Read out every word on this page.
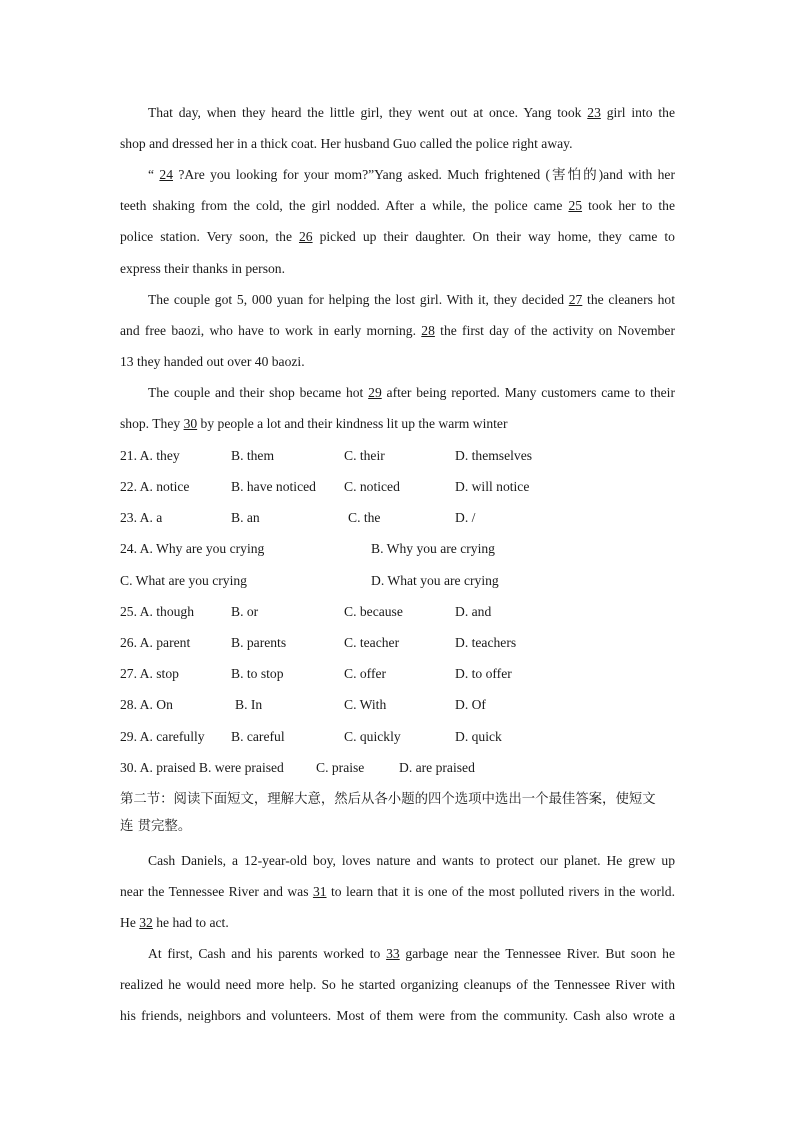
That day, when they heard the little girl, they went out at once. Yang took 23 girl into the
shop and dressed her in a thick coat. Her husband Guo called the police right away.
“ 24 ?Are you looking for your mom?”Yang asked. Much frightened (害怕的)and with her
teeth shaking from the cold, the girl nodded. After a while, the police came 25 took her to the
police station. Very soon, the 26 picked up their daughter. On their way home, they came to
express their thanks in person.
The couple got 5, 000 yuan for helping the lost girl. With it, they decided 27 the cleaners hot
and free baozi, who have to work in early morning. 28 the first day of the activity on November
13 they handed out over 40 baozi.
The couple and their shop became hot 29 after being reported. Many customers came to their
shop. They 30 by people a lot and their kindness lit up the warm winter
21. A. they	B. them	C. their	D. themselves
22. A. notice	B. have noticed C. noticed	D. will notice
23. A. a	B. an	C. the	D. /
24. A. Why are you crying	B. Why you are crying
C. What are you crying	D. What you are crying
25. A. though	B. or	C. because	D. and
26. A. parent	B. parents	C. teacher	D. teachers
27. A. stop	B. to stop	C. offer	D. to offer
28. A. On	B. In	C. With	D. Of
29. A. carefully B. careful	C. quickly	D. quick
30. A. praised B. were praised C. praise	D. are praised
第二节：阅读下面短文，理解大意，然后从各小题的四个选项中选出一个最佳答案，使短文
连 贯完整。
Cash Daniels, a 12-year-old boy, loves nature and wants to protect our planet. He grew up
near the Tennessee River and was 31 to learn that it is one of the most polluted rivers in the world.
He 32 he had to act.
At first, Cash and his parents worked to 33 garbage near the Tennessee River. But soon he
realized he would need more help. So he started organizing cleanups of the Tennessee River with
his friends, neighbors and volunteers. Most of them were from the community. Cash also wrote a
